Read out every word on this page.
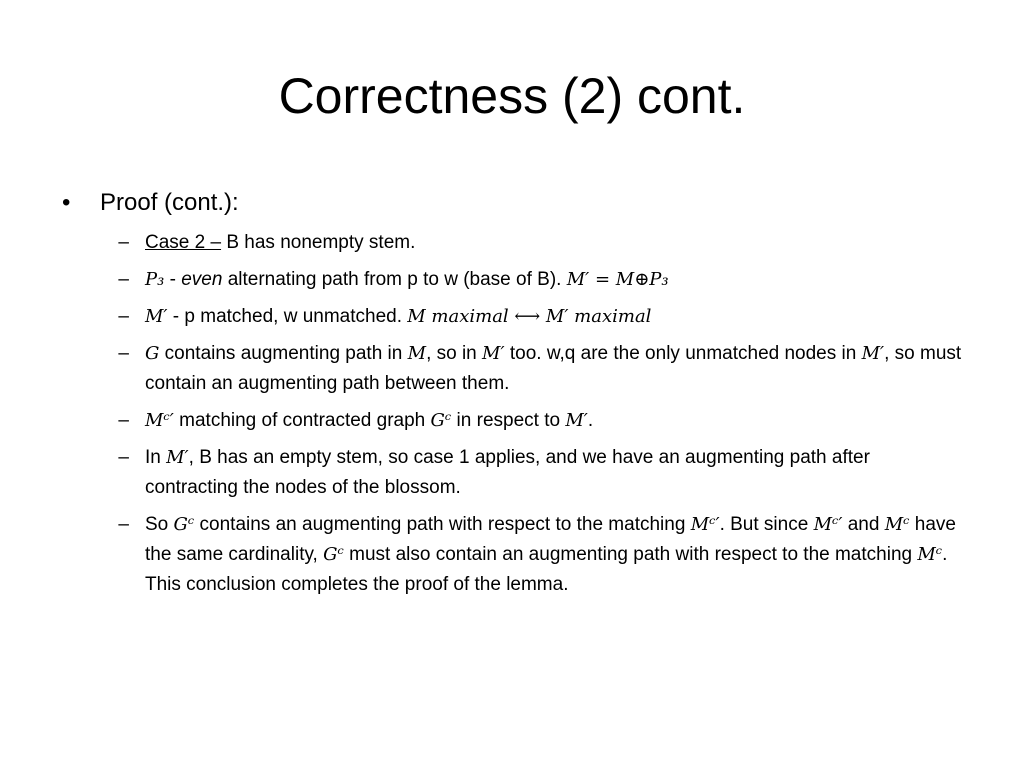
Correctness (2) cont.
•	Proof (cont.):
– Case 2 – B has nonempty stem.
– P₃ - even alternating path from p to w (base of B). M′ = M⊕P₃
– M′ - p matched, w unmatched. M maximal ⟷ M′ maximal
– G contains augmenting path in M, so in M′ too. w,q are the only unmatched nodes in M′, so must contain an augmenting path between them.
– Mᶜ′ matching of contracted graph Gᶜ in respect to M′.
– In M′, B has an empty stem, so case 1 applies, and we have an augmenting path after contracting the nodes of the blossom.
– So Gᶜ contains an augmenting path with respect to the matching Mᶜ′. But since Mᶜ′ and Mᶜ have the same cardinality, Gᶜ must also contain an augmenting path with respect to the matching Mᶜ. This conclusion completes the proof of the lemma.
